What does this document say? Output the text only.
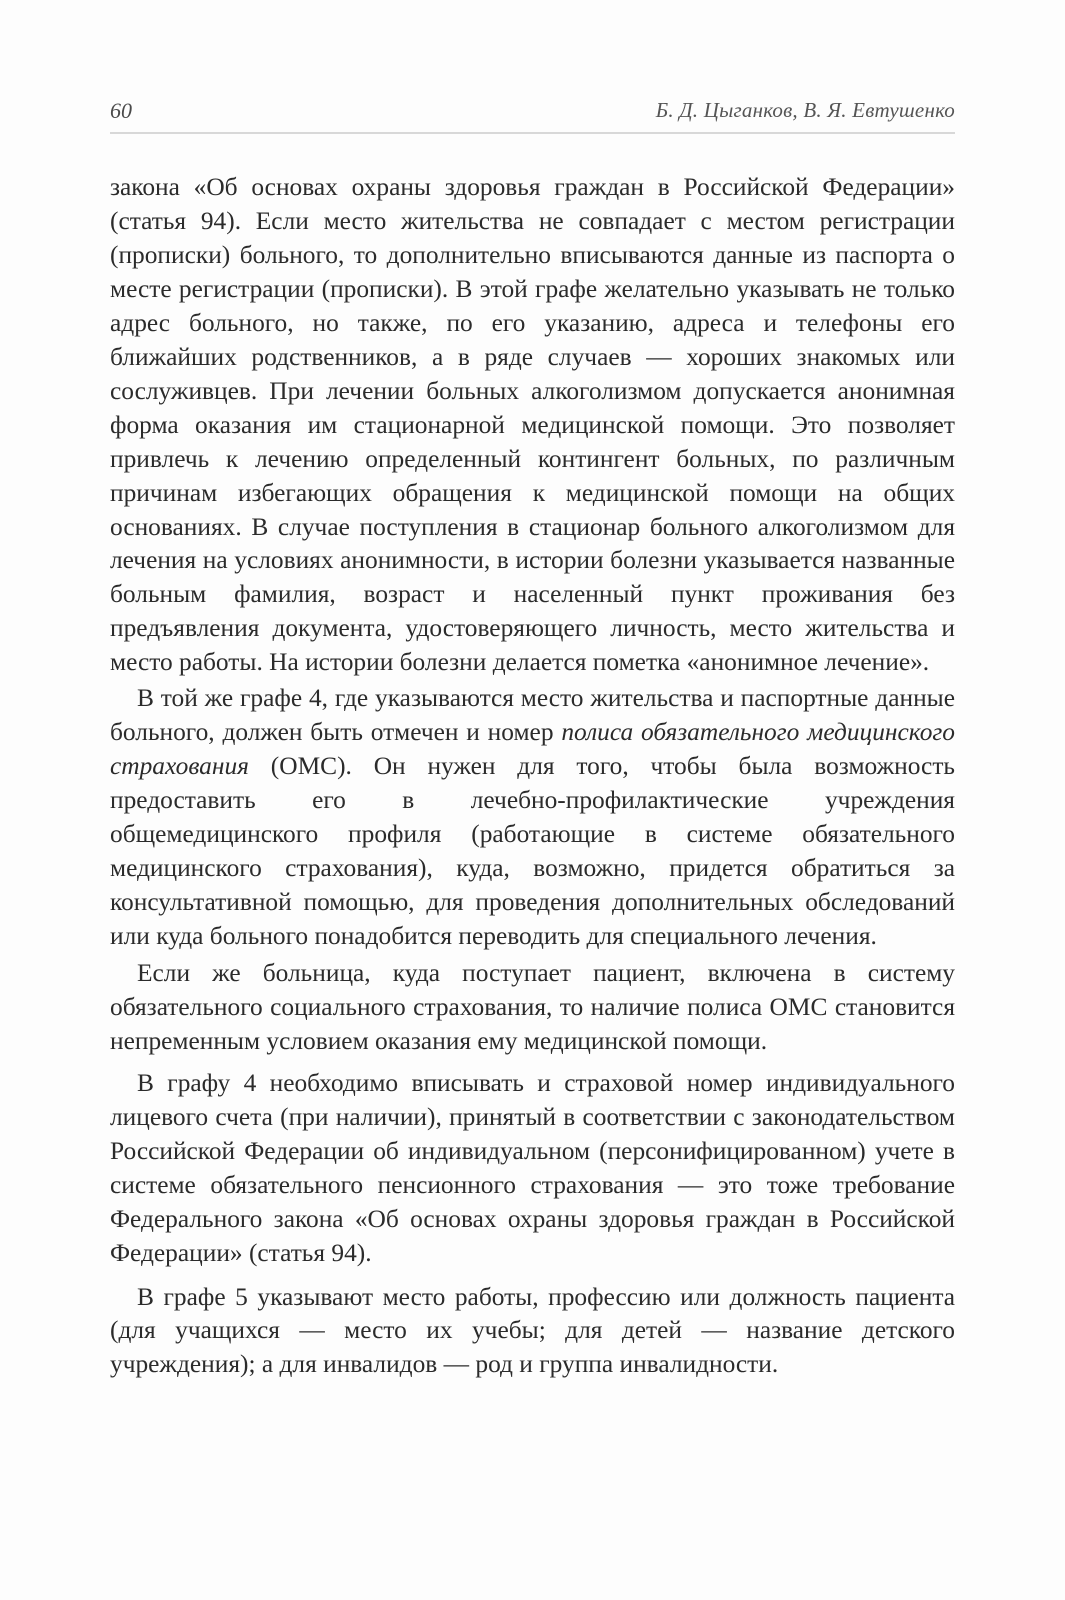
60	Б. Д. Цыганков, В. Я. Евтушенко

закона «Об основах охраны здоровья граждан в Российской Федерации» (статья 94). Если место жительства не совпадает с местом регистрации (прописки) больного, то дополнительно вписываются данные из паспорта о месте регистрации (прописки). В этой графе желательно указывать не только адрес больного, но также, по его указанию, адреса и телефоны его ближайших родственников, а в ряде случаев — хороших знакомых или сослуживцев. При лечении больных алкоголизмом допускается анонимная форма оказания им стационарной медицинской помощи. Это позволяет привлечь к лечению определенный контингент больных, по различным причинам избегающих обращения к медицинской помощи на общих основаниях. В случае поступления в стационар больного алкоголизмом для лечения на условиях анонимности, в истории болезни указывается названные больным фамилия, возраст и населенный пункт проживания без предъявления документа, удостоверяющего личность, место жительства и место работы. На истории болезни делается пометка «анонимное лечение».

В той же графе 4, где указываются место жительства и паспортные данные больного, должен быть отмечен и номер полиса обязательного медицинского страхования (ОМС). Он нужен для того, чтобы была возможность предоставить его в лечебно-профилактические учреждения общемедицинского профиля (работающие в системе обязательного медицинского страхования), куда, возможно, придется обратиться за консультативной помощью, для проведения дополнительных обследований или куда больного понадобится переводить для специального лечения.

Если же больница, куда поступает пациент, включена в систему обязательного социального страхования, то наличие полиса ОМС становится непременным условием оказания ему медицинской помощи.

В графу 4 необходимо вписывать и страховой номер индивидуального лицевого счета (при наличии), принятый в соответствии с законодательством Российской Федерации об индивидуальном (персонифицированном) учете в системе обязательного пенсионного страхования — это тоже требование Федерального закона «Об основах охраны здоровья граждан в Российской Федерации» (статья 94).

В графе 5 указывают место работы, профессию или должность пациента (для учащихся — место их учебы; для детей — название детского учреждения); а для инвалидов — род и группа инвалидности.
